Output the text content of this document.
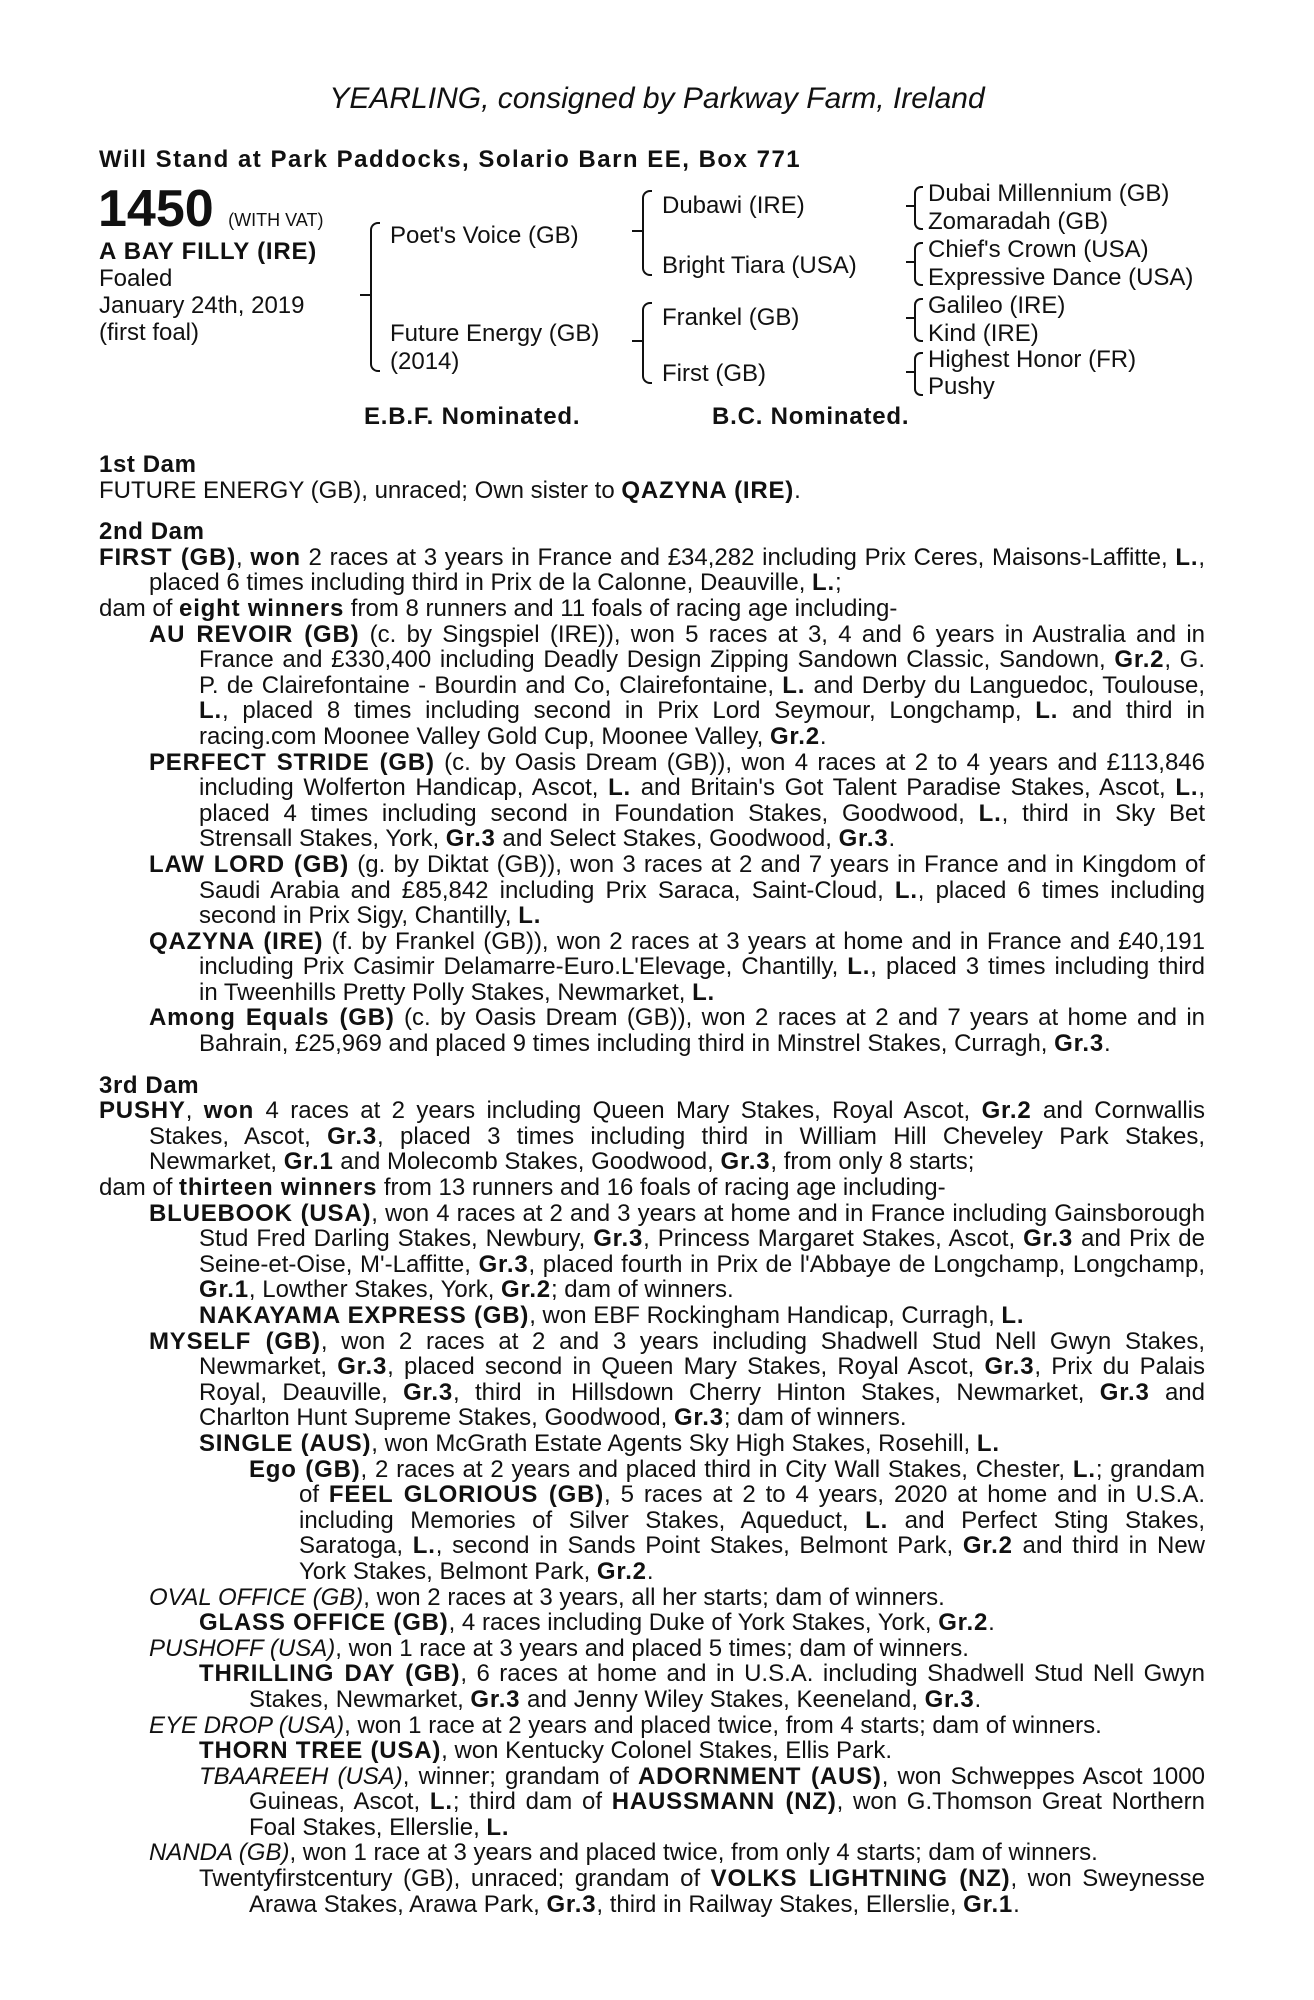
YEARLING, consigned by Parkway Farm, Ireland
Will Stand at Park Paddocks, Solario Barn EE, Box 771
1450 (WITH VAT)
A BAY FILLY (IRE)
Foaled
January 24th, 2019
(first foal)
Poet's Voice (GB)
Future Energy (GB)
(2014)
Dubawi (IRE)
Bright Tiara (USA)
Frankel (GB)
First (GB)
Dubai Millennium (GB)
Zomaradah (GB)
Chief's Crown (USA)
Expressive Dance (USA)
Galileo (IRE)
Kind (IRE)
Highest Honor (FR)
Pushy
E.B.F. Nominated.	B.C. Nominated.
1st Dam
FUTURE ENERGY (GB), unraced; Own sister to QAZYNA (IRE).
2nd Dam
FIRST (GB), won 2 races at 3 years in France and £34,282 including Prix Ceres, Maisons-Laffitte, L., placed 6 times including third in Prix de la Calonne, Deauville, L.;
dam of eight winners from 8 runners and 11 foals of racing age including-
AU REVOIR (GB) (c. by Singspiel (IRE)), won 5 races at 3, 4 and 6 years in Australia and in France and £330,400 including Deadly Design Zipping Sandown Classic, Sandown, Gr.2, G. P. de Clairefontaine - Bourdin and Co, Clairefontaine, L. and Derby du Languedoc, Toulouse, L., placed 8 times including second in Prix Lord Seymour, Longchamp, L. and third in racing.com Moonee Valley Gold Cup, Moonee Valley, Gr.2.
PERFECT STRIDE (GB) (c. by Oasis Dream (GB)), won 4 races at 2 to 4 years and £113,846 including Wolferton Handicap, Ascot, L. and Britain's Got Talent Paradise Stakes, Ascot, L., placed 4 times including second in Foundation Stakes, Goodwood, L., third in Sky Bet Strensall Stakes, York, Gr.3 and Select Stakes, Goodwood, Gr.3.
LAW LORD (GB) (g. by Diktat (GB)), won 3 races at 2 and 7 years in France and in Kingdom of Saudi Arabia and £85,842 including Prix Saraca, Saint-Cloud, L., placed 6 times including second in Prix Sigy, Chantilly, L.
QAZYNA (IRE) (f. by Frankel (GB)), won 2 races at 3 years at home and in France and £40,191 including Prix Casimir Delamarre-Euro.L'Elevage, Chantilly, L., placed 3 times including third in Tweenhills Pretty Polly Stakes, Newmarket, L.
Among Equals (GB) (c. by Oasis Dream (GB)), won 2 races at 2 and 7 years at home and in Bahrain, £25,969 and placed 9 times including third in Minstrel Stakes, Curragh, Gr.3.
3rd Dam
PUSHY, won 4 races at 2 years including Queen Mary Stakes, Royal Ascot, Gr.2 and Cornwallis Stakes, Ascot, Gr.3, placed 3 times including third in William Hill Cheveley Park Stakes, Newmarket, Gr.1 and Molecomb Stakes, Goodwood, Gr.3, from only 8 starts;
dam of thirteen winners from 13 runners and 16 foals of racing age including-
BLUEBOOK (USA), won 4 races at 2 and 3 years at home and in France including Gainsborough Stud Fred Darling Stakes, Newbury, Gr.3, Princess Margaret Stakes, Ascot, Gr.3 and Prix de Seine-et-Oise, M'-Laffitte, Gr.3, placed fourth in Prix de l'Abbaye de Longchamp, Longchamp, Gr.1, Lowther Stakes, York, Gr.2; dam of winners.
NAKAYAMA EXPRESS (GB), won EBF Rockingham Handicap, Curragh, L.
MYSELF (GB), won 2 races at 2 and 3 years including Shadwell Stud Nell Gwyn Stakes, Newmarket, Gr.3, placed second in Queen Mary Stakes, Royal Ascot, Gr.3, Prix du Palais Royal, Deauville, Gr.3, third in Hillsdown Cherry Hinton Stakes, Newmarket, Gr.3 and Charlton Hunt Supreme Stakes, Goodwood, Gr.3; dam of winners.
SINGLE (AUS), won McGrath Estate Agents Sky High Stakes, Rosehill, L.
Ego (GB), 2 races at 2 years and placed third in City Wall Stakes, Chester, L.; grandam of FEEL GLORIOUS (GB), 5 races at 2 to 4 years, 2020 at home and in U.S.A. including Memories of Silver Stakes, Aqueduct, L. and Perfect Sting Stakes, Saratoga, L., second in Sands Point Stakes, Belmont Park, Gr.2 and third in New York Stakes, Belmont Park, Gr.2.
OVAL OFFICE (GB), won 2 races at 3 years, all her starts; dam of winners.
GLASS OFFICE (GB), 4 races including Duke of York Stakes, York, Gr.2.
PUSHOFF (USA), won 1 race at 3 years and placed 5 times; dam of winners.
THRILLING DAY (GB), 6 races at home and in U.S.A. including Shadwell Stud Nell Gwyn Stakes, Newmarket, Gr.3 and Jenny Wiley Stakes, Keeneland, Gr.3.
EYE DROP (USA), won 1 race at 2 years and placed twice, from 4 starts; dam of winners.
THORN TREE (USA), won Kentucky Colonel Stakes, Ellis Park.
TBAAREEH (USA), winner; grandam of ADORNMENT (AUS), won Schweppes Ascot 1000 Guineas, Ascot, L.; third dam of HAUSSMANN (NZ), won G.Thomson Great Northern Foal Stakes, Ellerslie, L.
NANDA (GB), won 1 race at 3 years and placed twice, from only 4 starts; dam of winners.
Twentyfirstcentury (GB), unraced; grandam of VOLKS LIGHTNING (NZ), won Sweynesse Arawa Stakes, Arawa Park, Gr.3, third in Railway Stakes, Ellerslie, Gr.1.
